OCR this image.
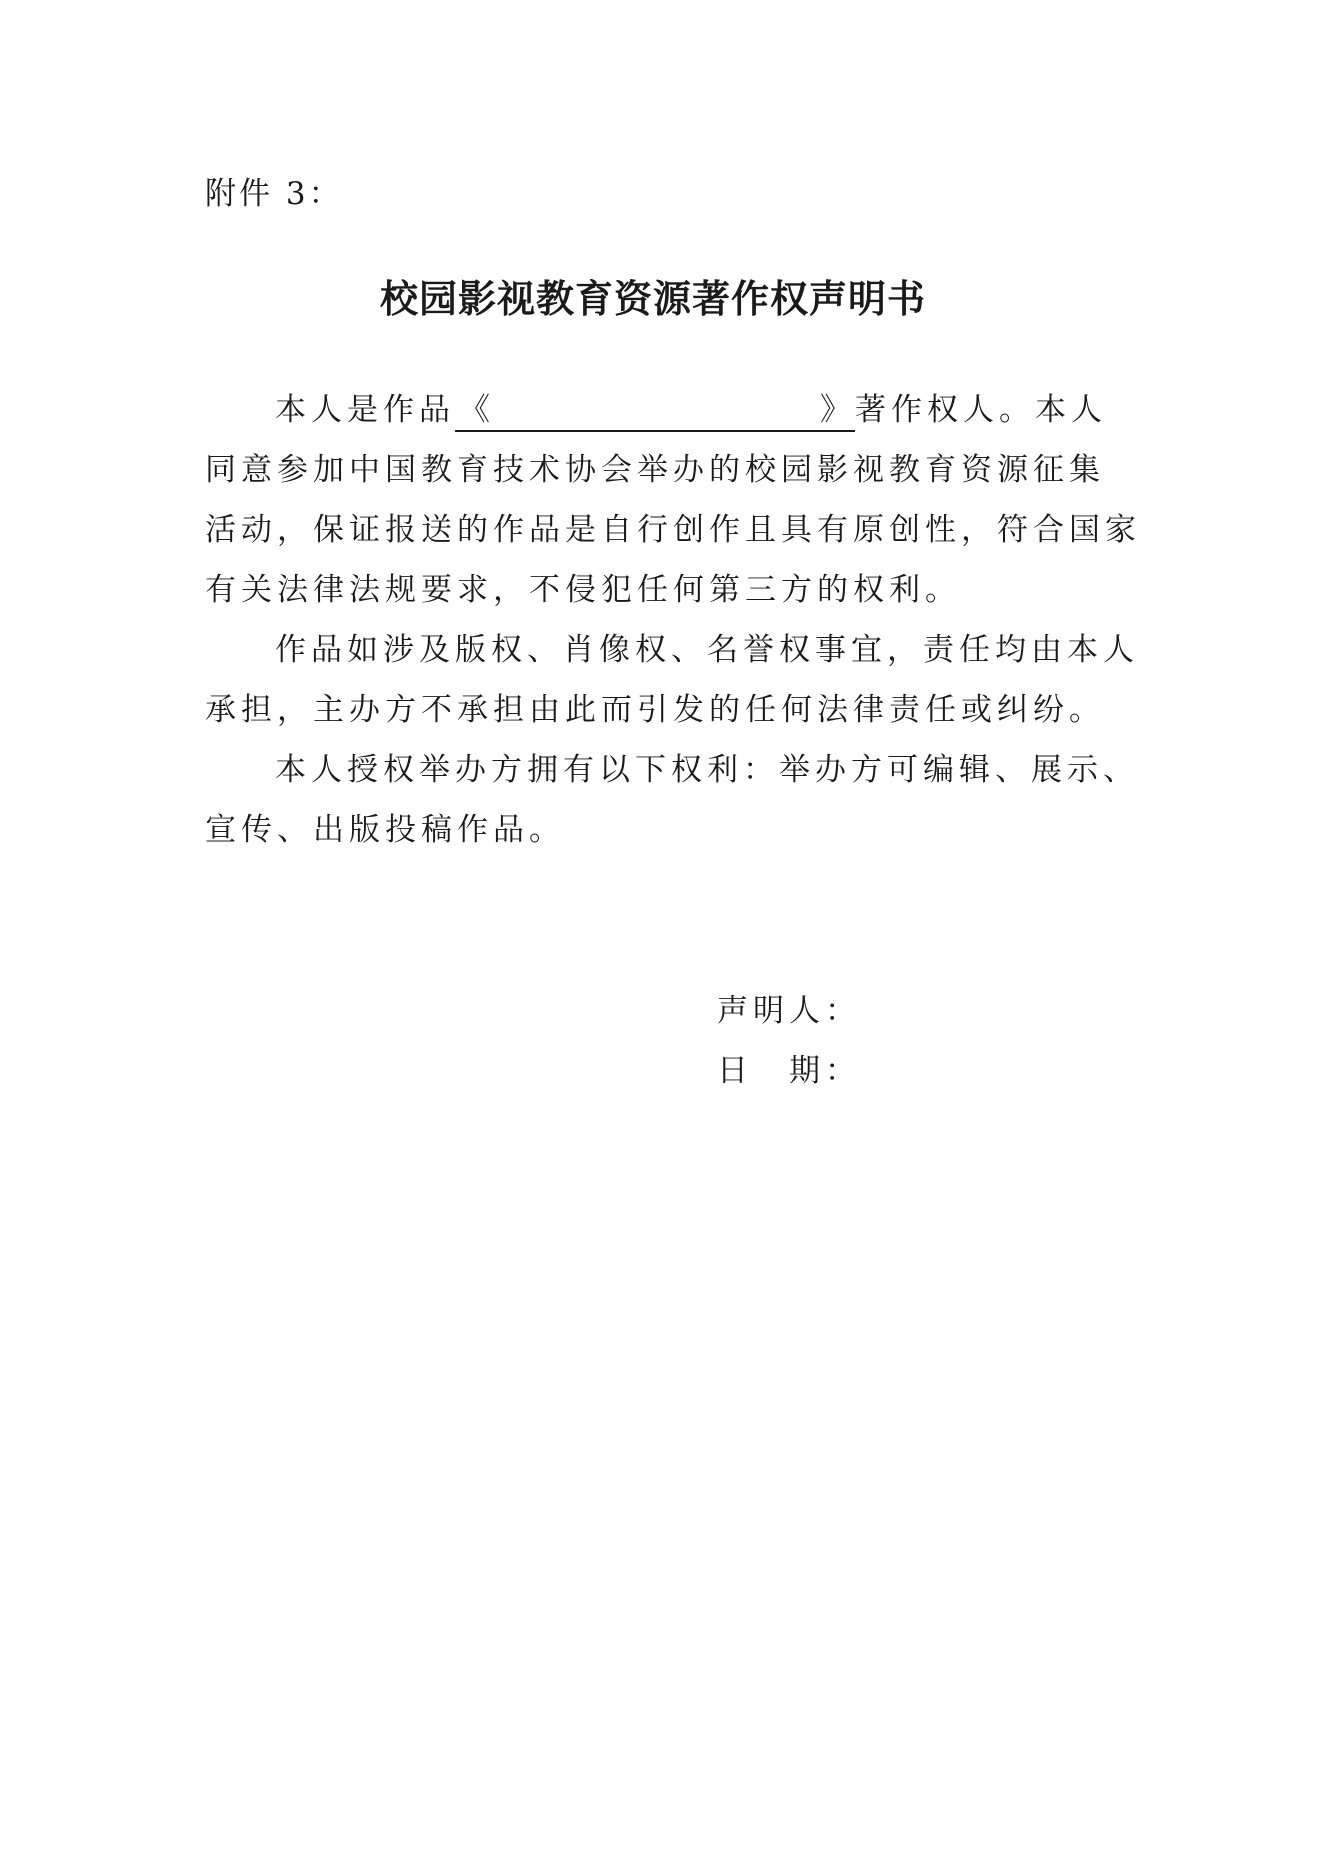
附件 3：
校园影视教育资源著作权声明书
本人是作品 《	》 著作权人。本人
同意参加中国教育技术协会举办的校园影视教育资源征集
活动，保证报送的作品是自行创作且具有原创性，符合国家
有关法律法规要求，不侵犯任何第三方的权利。
作品如涉及版权、肖像权、名誉权事宜，责任均由本人
承担，主办方不承担由此而引发的任何法律责任或纠纷。
本人授权举办方拥有以下权利：举办方可编辑、展示、
宣传、出版投稿作品。
声明人：
日 期：
